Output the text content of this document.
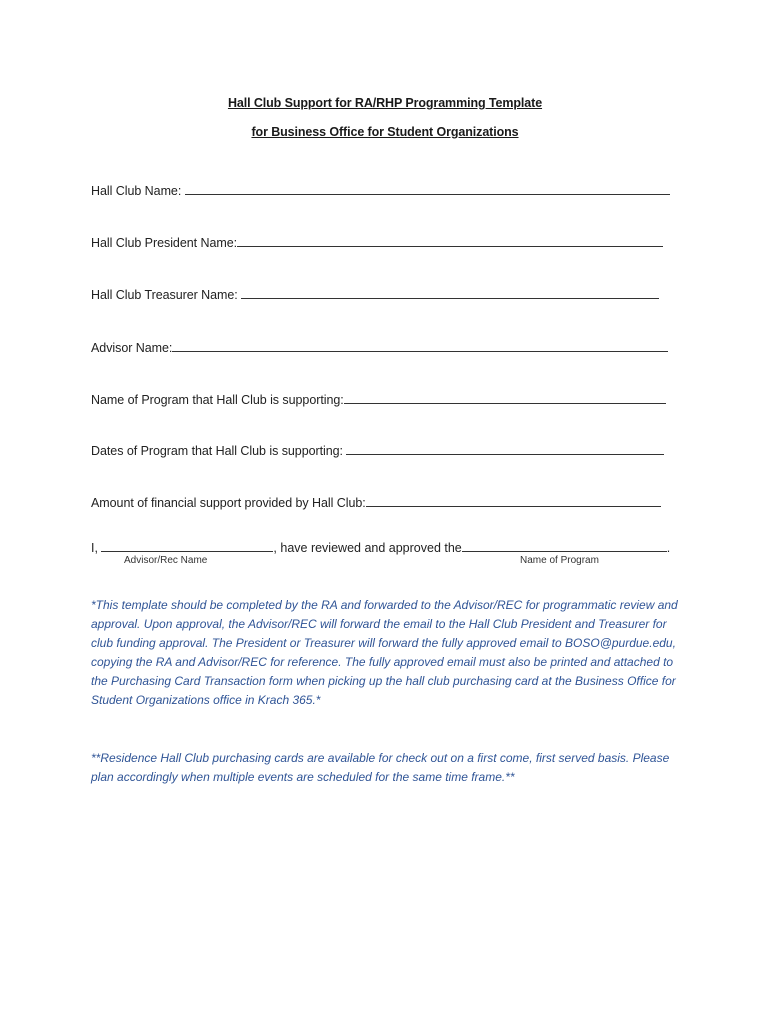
Hall Club Support for RA/RHP Programming Template
for Business Office for Student Organizations
Hall Club Name:
Hall Club President Name:
Hall Club Treasurer Name:
Advisor Name:
Name of Program that Hall Club is supporting:
Dates of Program that Hall Club is supporting:
Amount of financial support provided by Hall Club:
I,	, have reviewed and approved the	.
Advisor/Rec Name	Name of Program
*This template should be completed by the RA and forwarded to the Advisor/REC for programmatic review and approval. Upon approval, the Advisor/REC will forward the email to the Hall Club President and Treasurer for club funding approval. The President or Treasurer will forward the fully approved email to BOSO@purdue.edu, copying the RA and Advisor/REC for reference. The fully approved email must also be printed and attached to the Purchasing Card Transaction form when picking up the hall club purchasing card at the Business Office for Student Organizations office in Krach 365.*
**Residence Hall Club purchasing cards are available for check out on a first come, first served basis. Please plan accordingly when multiple events are scheduled for the same time frame.**
